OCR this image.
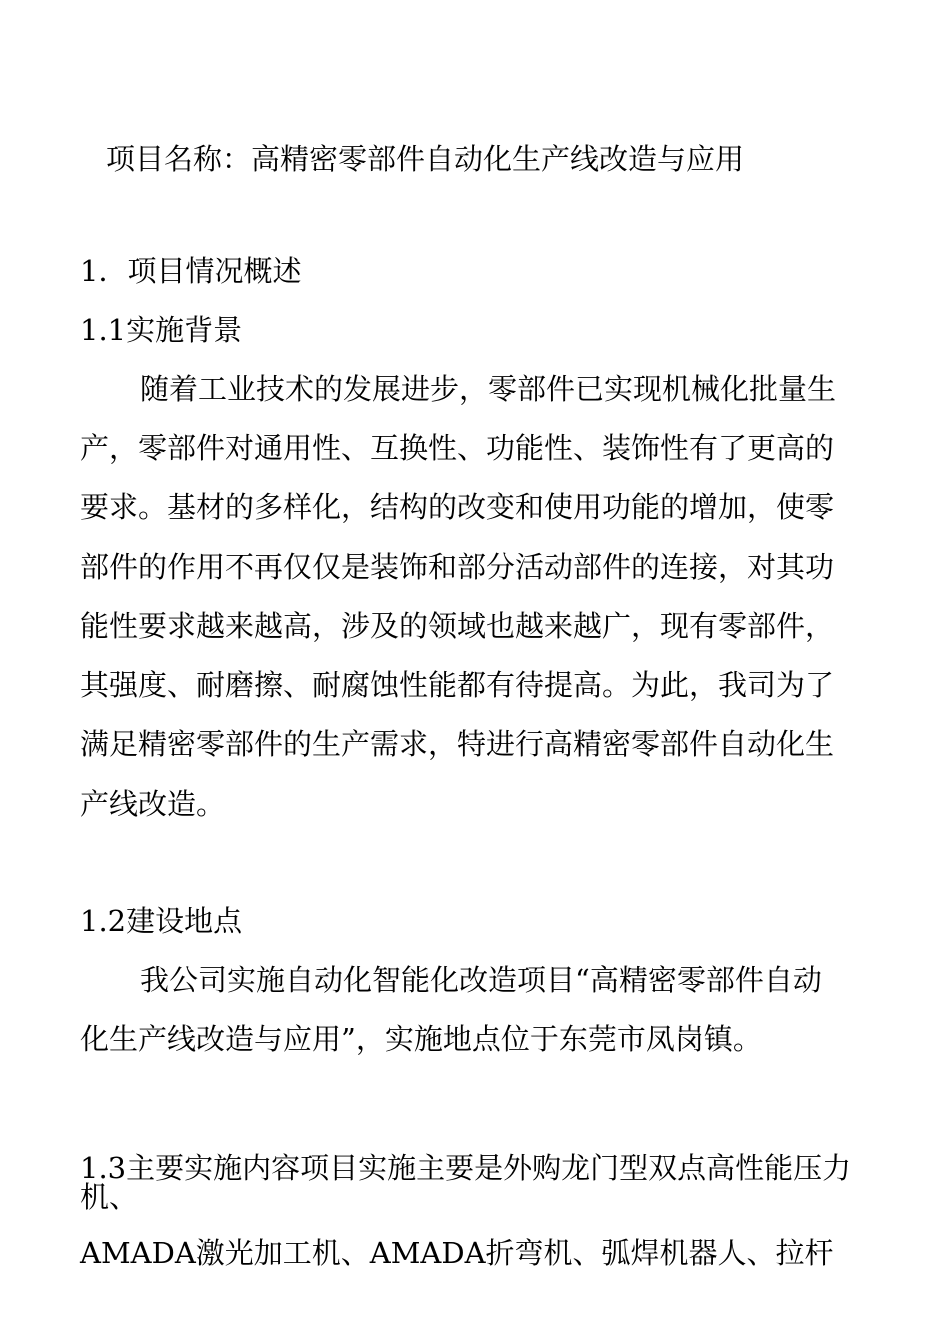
项目名称：高精密零部件自动化生产线改造与应用
1．项目情况概述
1.1实施背景
随着工业技术的发展进步，零部件已实现机械化批量生
产，零部件对通用性、互换性、功能性、装饰性有了更高的
要求。基材的多样化，结构的改变和使用功能的增加，使零
部件的作用不再仅仅是装饰和部分活动部件的连接，对其功
能性要求越来越高，涉及的领域也越来越广，现有零部件，
其强度、耐磨擦、耐腐蚀性能都有待提高。为此，我司为了
满足精密零部件的生产需求，特进行高精密零部件自动化生
产线改造。
1.2建设地点
我公司实施自动化智能化改造项目“高精密零部件自动
化生产线改造与应用”，实施地点位于东莞市凤岗镇。
1.3主要实施内容项目实施主要是外购龙门型双点高性能压力
机、
AMADA激光加工机、AMADA折弯机、弧焊机器人、拉杆
